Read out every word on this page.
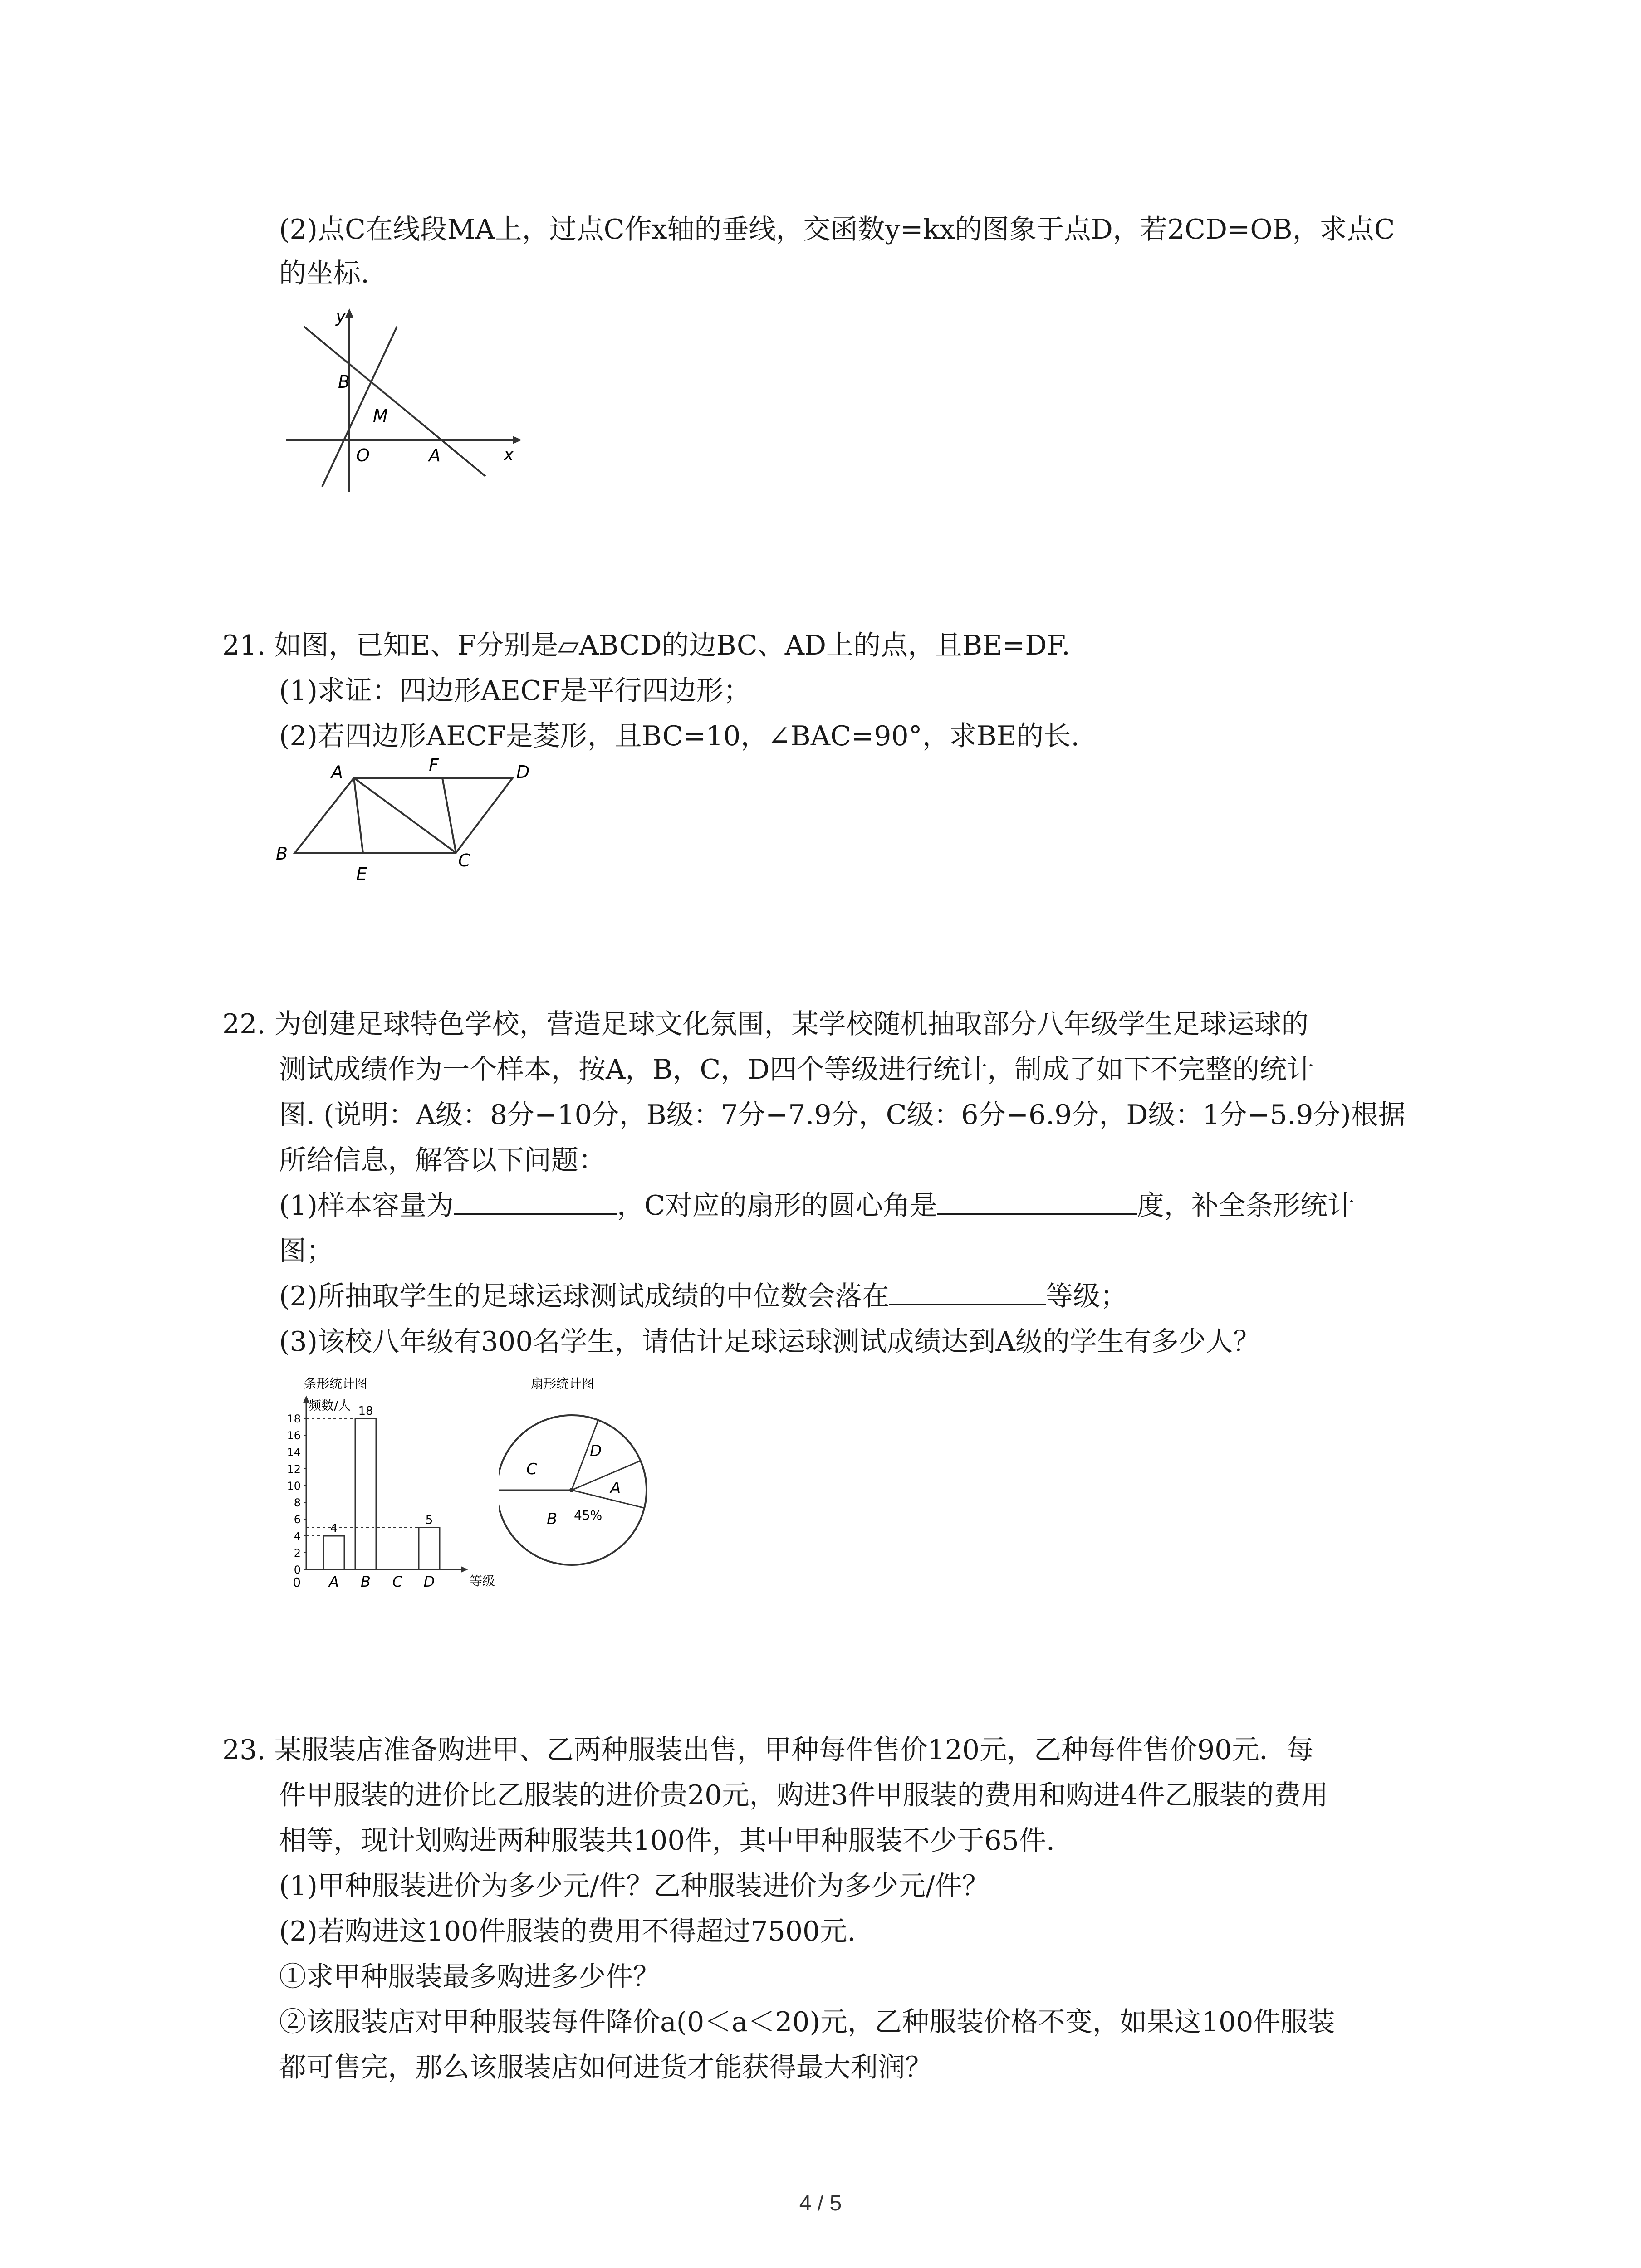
(2)点C在线段MA上，过点C作x轴的垂线，交函数y=kx的图象于点D，若2CD=OB，求点C
的坐标.
y
x
B
M
O	A
21. 如图，已知E、F分别是▱ABCD的边BC、AD上的点，且BE=DF.
(1)求证：四边形AECF是平行四边形；
(2)若四边形AECF是菱形，且BC=10，∠BAC=90°，求BE的长.
A	F	D
B
E
C
22. 为创建足球特色学校，营造足球文化氛围，某学校随机抽取部分八年级学生足球运球的
测试成绩作为一个样本，按A，B，C，D四个等级进行统计，制成了如下不完整的统计
图. (说明：A级：8分−10分，B级：7分−7.9分，C级：6分−6.9分，D级：1分−5.9分)根据
所给信息，解答以下问题：
(1)样本容量为	，C对应的扇形的圆心角是	度，补全条形统计
图；
(2)所抽取学生的足球运球测试成绩的中位数会落在	等级；
(3)该校八年级有300名学生，请估计足球运球测试成绩达到A级的学生有多少人？
条形统计图
频数/人
等级
0
2
4
6
8
10
12
14
16
18
4
A
18
B C
5
D
0
扇形统计图
C
D
A
B 45%
23. 某服装店准备购进甲、乙两种服装出售，甲种每件售价120元，乙种每件售价90元．每
件甲服装的进价比乙服装的进价贵20元，购进3件甲服装的费用和购进4件乙服装的费用
相等，现计划购进两种服装共100件，其中甲种服装不少于65件.
(1)甲种服装进价为多少元/件？乙种服装进价为多少元/件？
(2)若购进这100件服装的费用不得超过7500元.
①求甲种服装最多购进多少件？
②该服装店对甲种服装每件降价a(0＜a＜20)元，乙种服装价格不变，如果这100件服装
都可售完，那么该服装店如何进货才能获得最大利润？
4 / 5
